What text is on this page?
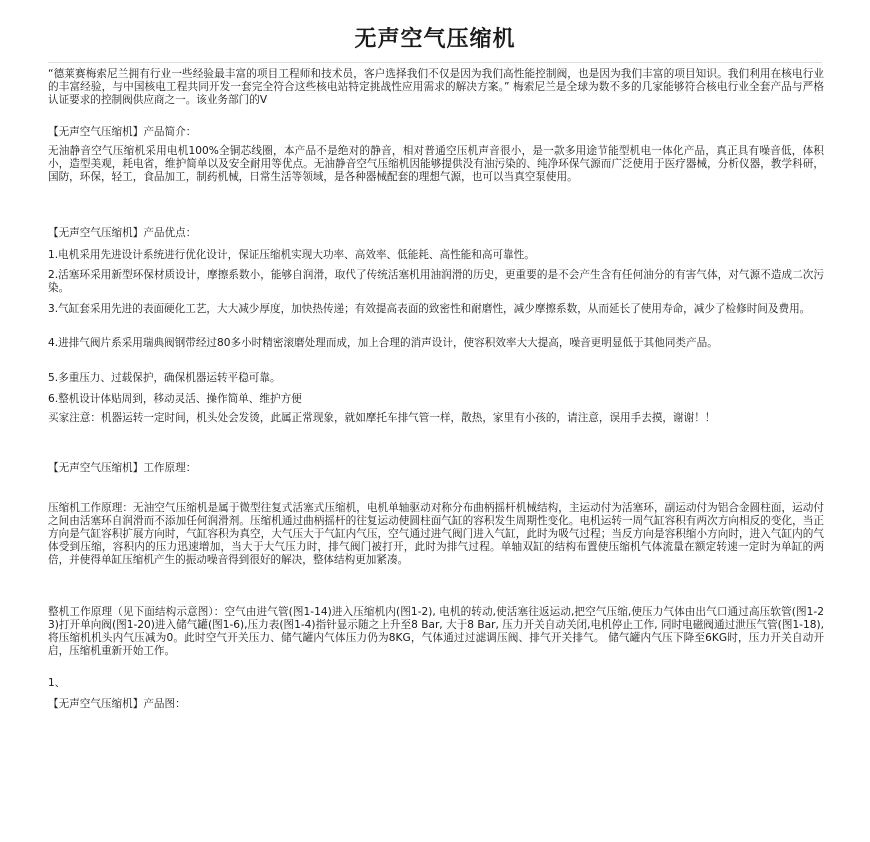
无声空气压缩机

“德莱赛梅索尼兰拥有行业一些经验最丰富的项目工程师和技术员，客户选择我们不仅是因为我们高性能控制阀，也是因为我们丰富的项目知识。我们利用在核电行业的丰富经验，与中国核电工程共同开发一套完全符合这些核电站特定挑战性应用需求的解决方案。” 梅索尼兰是全球为数不多的几家能够符合核电行业全套产品与严格认证要求的控制阀供应商之一。该业务部门的V

【无声空气压缩机】产品简介：

无油静音空气压缩机采用电机100%全铜芯线圈，本产品不是绝对的静音，相对普通空压机声音很小，是一款多用途节能型机电一体化产品，真正具有噪音低，体积小，造型美观，耗电省，维护简单以及安全耐用等优点。无油静音空气压缩机因能够提供没有油污染的、纯净环保气源而广泛使用于医疗器械，分析仪器，教学科研，国防，环保，轻工，食品加工，制药机械，日常生活等领域，是各种器械配套的理想气源，也可以当真空泵使用。

【无声空气压缩机】产品优点：

1.电机采用先进设计系统进行优化设计，保证压缩机实现大功率、高效率、低能耗、高性能和高可靠性。

2.活塞环采用新型环保材质设计，摩擦系数小，能够自润滑，取代了传统活塞机用油润滑的历史，更重要的是不会产生含有任何油分的有害气体，对气源不造成二次污染。

3.气缸套采用先进的表面硬化工艺，大大减少厚度，加快热传递；有效提高表面的致密性和耐磨性，减少摩擦系数，从而延长了使用寿命，减少了检修时间及费用。

4.进排气阀片系采用瑞典阀钢带经过80多小时精密滚磨处理而成，加上合理的消声设计，使容积效率大大提高，噪音更明显低于其他同类产品。

5.多重压力、过载保护，确保机器运转平稳可靠。

6.整机设计体贴周到，移动灵活、操作简单、维护方便

买家注意：机器运转一定时间，机头处会发烫，此属正常现象，就如摩托车排气管一样，散热，家里有小孩的，请注意，误用手去摸，谢谢！！

【无声空气压缩机】工作原理：

压缩机工作原理：无油空气压缩机是属于微型往复式活塞式压缩机，电机单轴驱动对称分布曲柄摇杆机械结构，主运动付为活塞环，副运动付为铝合金圆柱面，运动付之间由活塞环自润滑而不添加任何润滑剂。压缩机通过曲柄摇杆的往复运动使圆柱面气缸的容积发生周期性变化。电机运转一周气缸容积有两次方向相反的变化，当正方向是气缸容积扩展方向时，气缸容积为真空，大气压大于气缸内气压，空气通过进气阀门进入气缸，此时为吸气过程；当反方向是容积缩小方向时，进入气缸内的气体受到压缩，容积内的压力迅速增加，当大于大气压力时，排气阀门被打开，此时为排气过程。单轴双缸的结构布置使压缩机气体流量在额定转速一定时为单缸的两倍，并使得单缸压缩机产生的振动噪音得到很好的解决，整体结构更加紧凑。

整机工作原理（见下面结构示意图）：空气由进气管(图1-14)进入压缩机内(图1-2), 电机的转动,使活塞往返运动,把空气压缩,使压力气体由出气口通过高压软管(图1-23)打开单向阀(图1-20)进入储气罐(图1-6),压力表(图1-4)指针显示随之上升至8 Bar, 大于8 Bar, 压力开关自动关闭,电机停止工作, 同时电磁阀通过泄压气管(图1-18),将压缩机机头内气压减为0。此时空气开关压力、储气罐内气体压力仍为8KG，气体通过过滤调压阀、排气开关排气。 储气罐内气压下降至6KG时，压力开关自动开启，压缩机重新开始工作。

1、

【无声空气压缩机】产品图：
